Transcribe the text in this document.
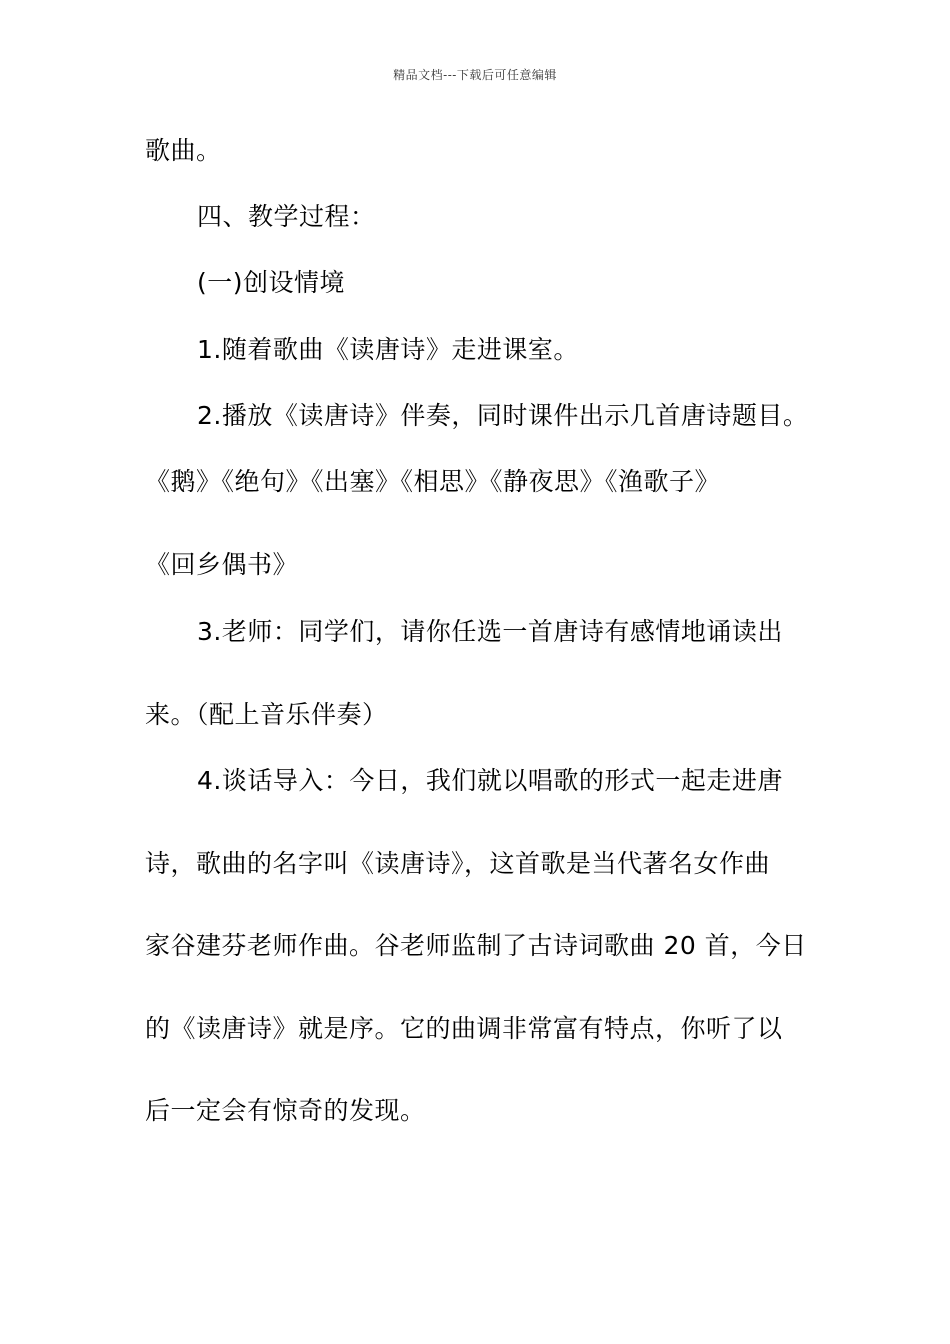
精品文档---下载后可任意编辑
歌曲。
四、教学过程：
(一)创设情境
1.随着歌曲《读唐诗》走进课室。
2.播放《读唐诗》伴奏，同时课件出示几首唐诗题目。
《鹅》《绝句》《出塞》《相思》《静夜思》《渔歌子》
《回乡偶书》
3.老师：同学们，请你任选一首唐诗有感情地诵读出
来。（配上音乐伴奏）
4.谈话导入：今日，我们就以唱歌的形式一起走进唐
诗，歌曲的名字叫《读唐诗》，这首歌是当代著名女作曲
家谷建芬老师作曲。谷老师监制了古诗词歌曲 20 首，今日
的《读唐诗》就是序。它的曲调非常富有特点，你听了以
后一定会有惊奇的发现。
